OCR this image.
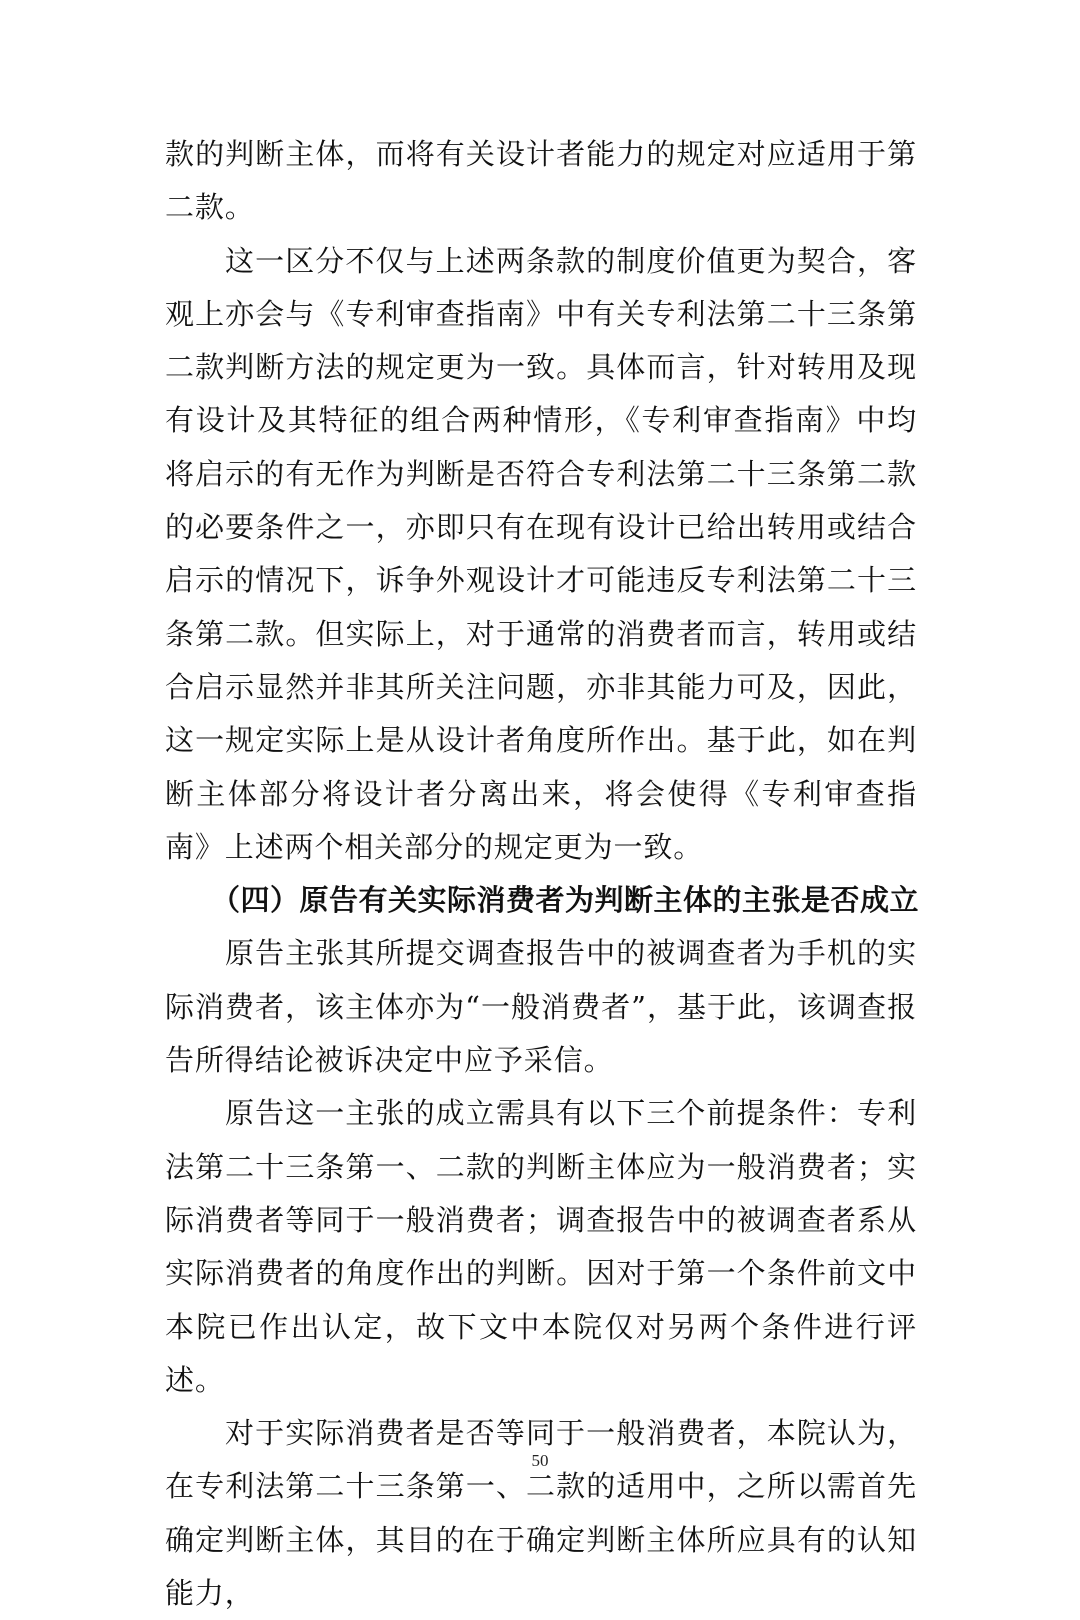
款的判断主体，而将有关设计者能力的规定对应适用于第二款。

这一区分不仅与上述两条款的制度价值更为契合，客观上亦会与《专利审查指南》中有关专利法第二十三条第二款判断方法的规定更为一致。具体而言，针对转用及现有设计及其特征的组合两种情形，《专利审查指南》中均将启示的有无作为判断是否符合专利法第二十三条第二款的必要条件之一，亦即只有在现有设计已给出转用或结合启示的情况下，诉争外观设计才可能违反专利法第二十三条第二款。但实际上，对于通常的消费者而言，转用或结合启示显然并非其所关注问题，亦非其能力可及，因此，这一规定实际上是从设计者角度所作出。基于此，如在判断主体部分将设计者分离出来，将会使得《专利审查指南》上述两个相关部分的规定更为一致。

（四）原告有关实际消费者为判断主体的主张是否成立

原告主张其所提交调查报告中的被调查者为手机的实际消费者，该主体亦为“一般消费者”，基于此，该调查报告所得结论被诉决定中应予采信。

原告这一主张的成立需具有以下三个前提条件：专利法第二十三条第一、二款的判断主体应为一般消费者；实际消费者等同于一般消费者；调查报告中的被调查者系从实际消费者的角度作出的判断。因对于第一个条件前文中本院已作出认定，故下文中本院仅对另两个条件进行评述。

对于实际消费者是否等同于一般消费者，本院认为，在专利法第二十三条第一、二款的适用中，之所以需首先确定判断主体，其目的在于确定判断主体所应具有的认知能力，

50
